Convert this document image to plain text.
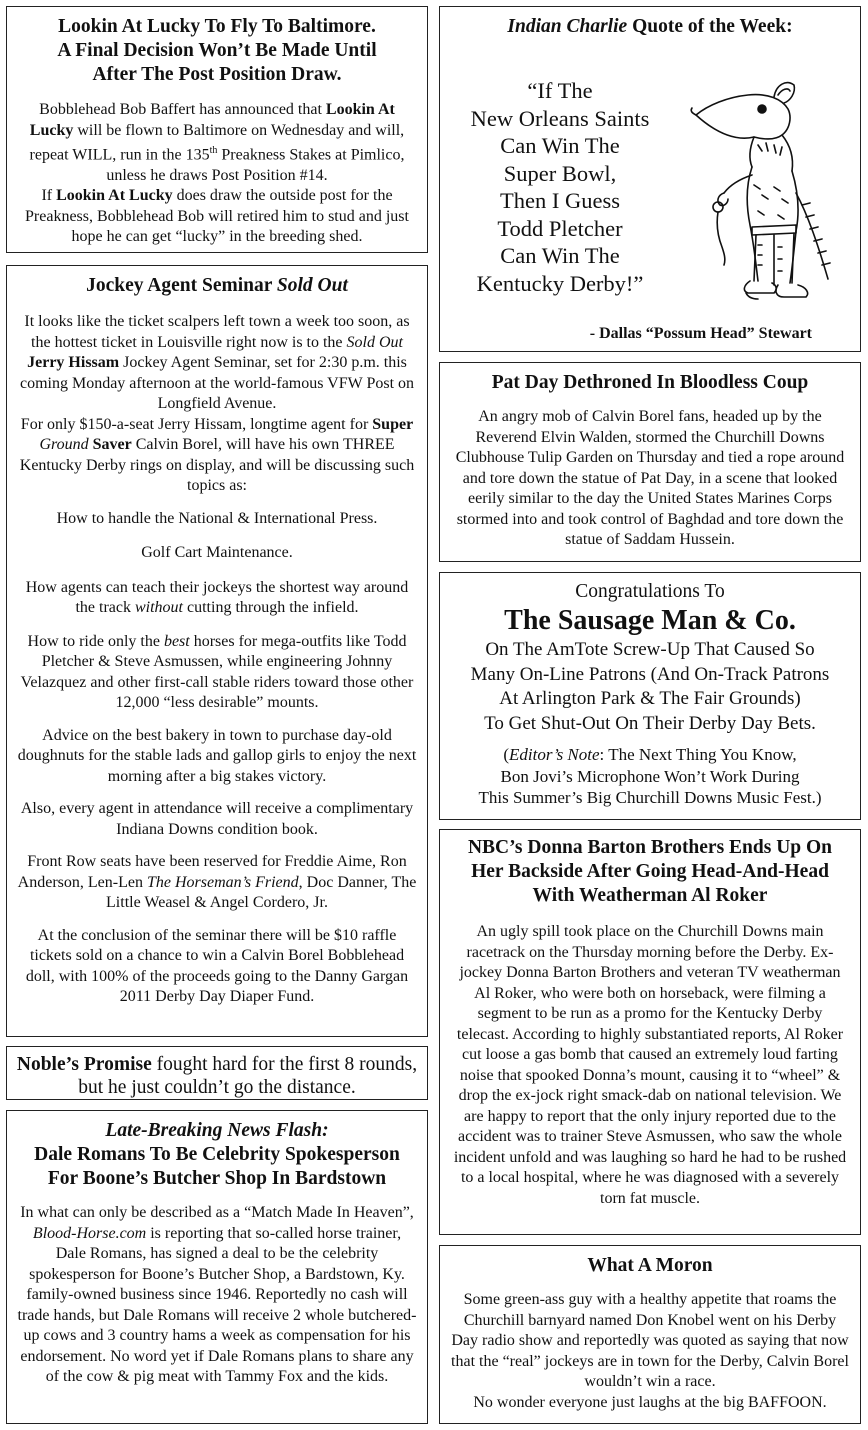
Lookin At Lucky To Fly To Baltimore.
A Final Decision Won’t Be Made Until
After The Post Position Draw.

Bobblehead Bob Baffert has announced that Lookin At Lucky will be flown to Baltimore on Wednesday and will, repeat WILL, run in the 135th Preakness Stakes at Pimlico, unless he draws Post Position #14.

If Lookin At Lucky does draw the outside post for the Preakness, Bobblehead Bob will retired him to stud and just hope he can get “lucky” in the breeding shed.

Jockey Agent Seminar Sold Out

It looks like the ticket scalpers left town a week too soon, as the hottest ticket in Louisville right now is to the Sold Out Jerry Hissam Jockey Agent Seminar, set for 2:30 p.m. this coming Monday afternoon at the world-famous VFW Post on Longfield Avenue.

For only $150-a-seat Jerry Hissam, longtime agent for Super Ground Saver Calvin Borel, will have his own THREE Kentucky Derby rings on display, and will be discussing such topics as:

How to handle the National & International Press.

Golf Cart Maintenance.

How agents can teach their jockeys the shortest way around the track without cutting through the infield.

How to ride only the best horses for mega-outfits like Todd Pletcher & Steve Asmussen, while engineering Johnny Velazquez and other first-call stable riders toward those other 12,000 “less desirable” mounts.

Advice on the best bakery in town to purchase day-old doughnuts for the stable lads and gallop girls to enjoy the next morning after a big stakes victory.

Also, every agent in attendance will receive a complimentary Indiana Downs condition book.

Front Row seats have been reserved for Freddie Aime, Ron Anderson, Len-Len The Horseman’s Friend, Doc Danner, The Little Weasel & Angel Cordero, Jr.

At the conclusion of the seminar there will be $10 raffle tickets sold on a chance to win a Calvin Borel Bobblehead doll, with 100% of the proceeds going to the Danny Gargan 2011 Derby Day Diaper Fund.

Noble’s Promise fought hard for the first 8 rounds, but he just couldn’t go the distance.
Late-Breaking News Flash:
Dale Romans To Be Celebrity Spokesperson
For Boone’s Butcher Shop In Bardstown

In what can only be described as a “Match Made In Heaven”, Blood-Horse.com is reporting that so-called horse trainer, Dale Romans, has signed a deal to be the celebrity spokesperson for Boone’s Butcher Shop, a Bardstown, Ky. family-owned business since 1946. Reportedly no cash will trade hands, but Dale Romans will receive 2 whole butchered-up cows and 3 country hams a week as compensation for his endorsement. No word yet if Dale Romans plans to share any of the cow & pig meat with Tammy Fox and the kids.

Indian Charlie Quote of the Week:
“If The
New Orleans Saints
Can Win The
Super Bowl,
Then I Guess
Todd Pletcher
Can Win The
Kentucky Derby!”
- Dallas “Possum Head” Stewart
Pat Day Dethroned In Bloodless Coup
An angry mob of Calvin Borel fans, headed up by the Reverend Elvin Walden, stormed the Churchill Downs Clubhouse Tulip Garden on Thursday and tied a rope around and tore down the statue of Pat Day, in a scene that looked eerily similar to the day the United States Marines Corps stormed into and took control of Baghdad and tore down the statue of Saddam Hussein.
Congratulations To
The Sausage Man & Co.
On The AmTote Screw-Up That Caused So
Many On-Line Patrons (And On-Track Patrons
At Arlington Park & The Fair Grounds)
To Get Shut-Out On Their Derby Day Bets.
(Editor’s Note: The Next Thing You Know,
Bon Jovi’s Microphone Won’t Work During
This Summer’s Big Churchill Downs Music Fest.)
NBC’s Donna Barton Brothers Ends Up On
Her Backside After Going Head-And-Head
With Weatherman Al Roker
An ugly spill took place on the Churchill Downs main racetrack on the Thursday morning before the Derby. Ex-jockey Donna Barton Brothers and veteran TV weatherman Al Roker, who were both on horseback, were filming a segment to be run as a promo for the Kentucky Derby telecast. According to highly substantiated reports, Al Roker cut loose a gas bomb that caused an extremely loud farting noise that spooked Donna’s mount, causing it to “wheel” & drop the ex-jock right smack-dab on national television. We are happy to report that the only injury reported due to the accident was to trainer Steve Asmussen, who saw the whole incident unfold and was laughing so hard he had to be rushed to a local hospital, where he was diagnosed with a severely torn fat muscle.
What A Moron

Some green-ass guy with a healthy appetite that roams the Churchill barnyard named Don Knobel went on his Derby Day radio show and reportedly was quoted as saying that now that the “real” jockeys are in town for the Derby, Calvin Borel wouldn’t win a race.

No wonder everyone just laughs at the big BAFFOON.
